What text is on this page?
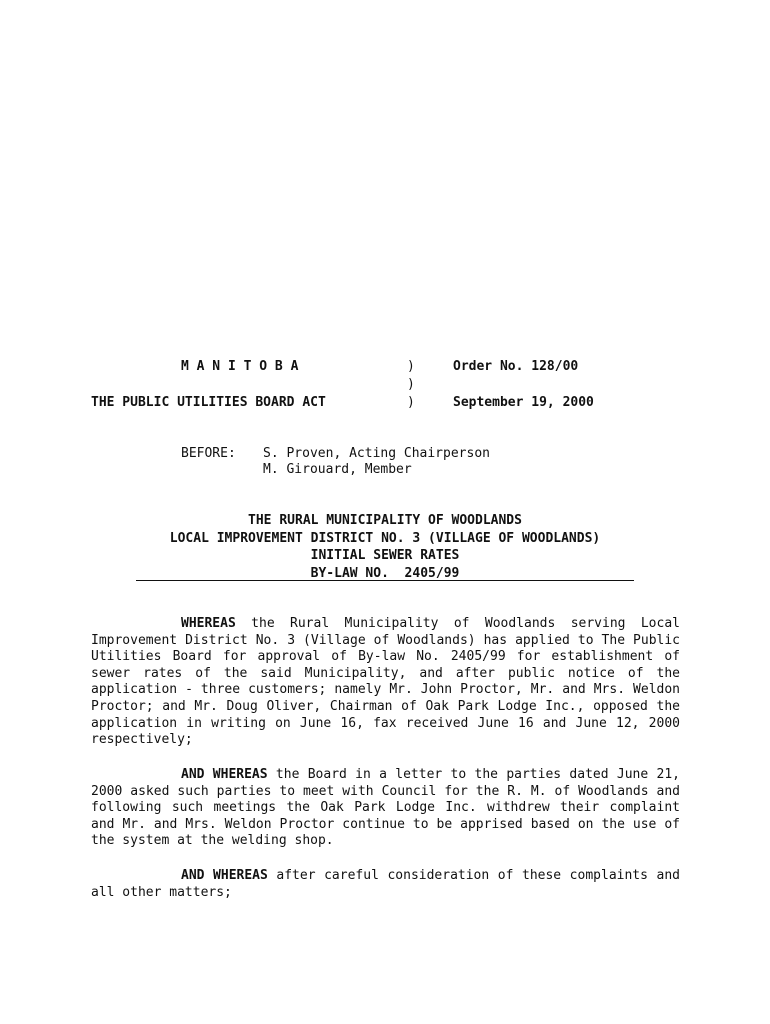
M A N I T O B A	)	Order No. 128/00
)
THE PUBLIC UTILITIES BOARD ACT	)	September 19, 2000
BEFORE: S. Proven, Acting Chairperson
M. Girouard, Member
THE RURAL MUNICIPALITY OF WOODLANDS
LOCAL IMPROVEMENT DISTRICT NO. 3 (VILLAGE OF WOODLANDS)
INITIAL SEWER RATES
BY-LAW NO.  2405/99

WHEREAS the Rural Municipality of Woodlands serving Local Improvement District No. 3 (Village of Woodlands) has applied to The Public Utilities Board for approval of By-law No. 2405/99 for establishment of sewer rates of the said Municipality, and after public notice of the application - three customers; namely Mr. John Proctor, Mr. and Mrs. Weldon Proctor; and Mr. Doug Oliver, Chairman of Oak Park Lodge Inc., opposed the application in writing on June 16, fax received June 16 and June 12, 2000 respectively;

AND WHEREAS the Board in a letter to the parties dated June 21, 2000 asked such parties to meet with Council for the R. M. of Woodlands and following such meetings the Oak Park Lodge Inc. withdrew their complaint and Mr. and Mrs. Weldon Proctor continue to be apprised based on the use of the system at the welding shop.

AND WHEREAS after careful consideration of these complaints and all other matters;
